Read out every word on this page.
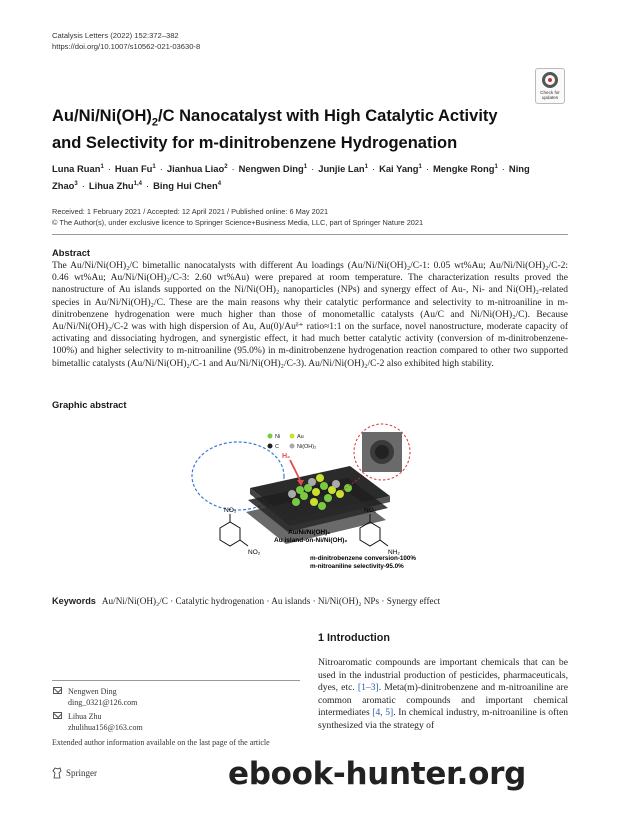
Catalysis Letters (2022) 152:372–382
https://doi.org/10.1007/s10562-021-03630-8
Check for
updates
$Au/Ni/Ni(OH)_2/C$ Nanocatalyst with High Catalytic Activity
and Selectivity for m‑dinitrobenzene Hydrogenation
Luna Ruan$^1$ · Huan $Fu^1$ · Jianhua Liao$^2$ · Nengwen Ding$^1$ · Junjie Lan$^1$ · Kai Yang$^1$ · Mengke Rong$^1$ · Ning Zhao$^3$ · Lihua Zhu$^{1,4}$ · Bing Hui Chen$^4$
Received: 1 February 2021 / Accepted: 12 April 2021 / Published online: 6 May 2021
© The Author(s), under exclusive licence to Springer Science+Business Media, LLC, part of Springer Nature 2021
Abstract
The Au/Ni/Ni(OH)₂/C bimetallic nanocatalysts with different Au loadings (Au/Ni/Ni(OH)₂/C-1: 0.05 wt%Au; Au/Ni/Ni(OH)₂/C-2: 0.46 wt%Au; Au/Ni/Ni(OH)₂/C-3: 2.60 wt%Au) were prepared at room temperature. The characterization results proved the nanostructure of Au islands supported on the Ni/Ni(OH)₂ nanoparticles (NPs) and synergy effect of Au-, Ni- and Ni(OH)₂-related species in Au/Ni/Ni(OH)₂/C. These are the main reasons why their catalytic performance and selectivity to m-nitroaniline in m-dinitrobenzene hydrogenation were much higher than those of monometallic catalysts (Au/C and Ni/Ni(OH)₂/C). Because Au/Ni/Ni(OH)₂/C-2 was with high dispersion of Au, Au(0)/Auᵟ⁺ ratio≈1:1 on the surface, novel nanostructure, moderate capacity of activating and dissociating hydrogen, and synergistic effect, it had much better catalytic activity (conversion of m-dinitrobenzene-100%) and higher selectivity to m-nitroaniline (95.0%) in m-dinitrobenzene hydrogenation reaction compared to other two supported bimetallic catalysts (Au/Ni/Ni(OH)₂/C-1 and Au/Ni/Ni(OH)₂/C-3). Au/Ni/Ni(OH)₂/C-2 also exhibited high stability.
Graphic abstract
H₂
Ni	Au
C	Ni(OH)₂
NO₂
NO₂
NO₂
NH₂
Au/Ni/Ni(OH)₂
Au island-on-Ni/Ni(OH)₂
m-dinitrobenzene conversion-100%
m-nitroaniline selectivity-95.0%
Keywords Au/Ni/Ni(OH)₂/C · Catalytic hydrogenation · Au islands · Ni/Ni(OH)₂ NPs · Synergy effect
1 Introduction
Nitroaromatic compounds are important chemicals that can be used in the industrial production of pesticides, pharmaceuticals, dyes, etc. [1–3]. Meta(m)-dinitrobenzene and m-nitroaniline are common aromatic compounds and important chemical intermediates [4, 5]. In chemical industry, m-nitroaniline is often synthesized via the strategy of
Nengwen Ding
ding_0321@126.com
Lihua Zhu
zhulihua156@163.com
Extended author information available on the last page of the article
Springer	ebook-hunter.org
